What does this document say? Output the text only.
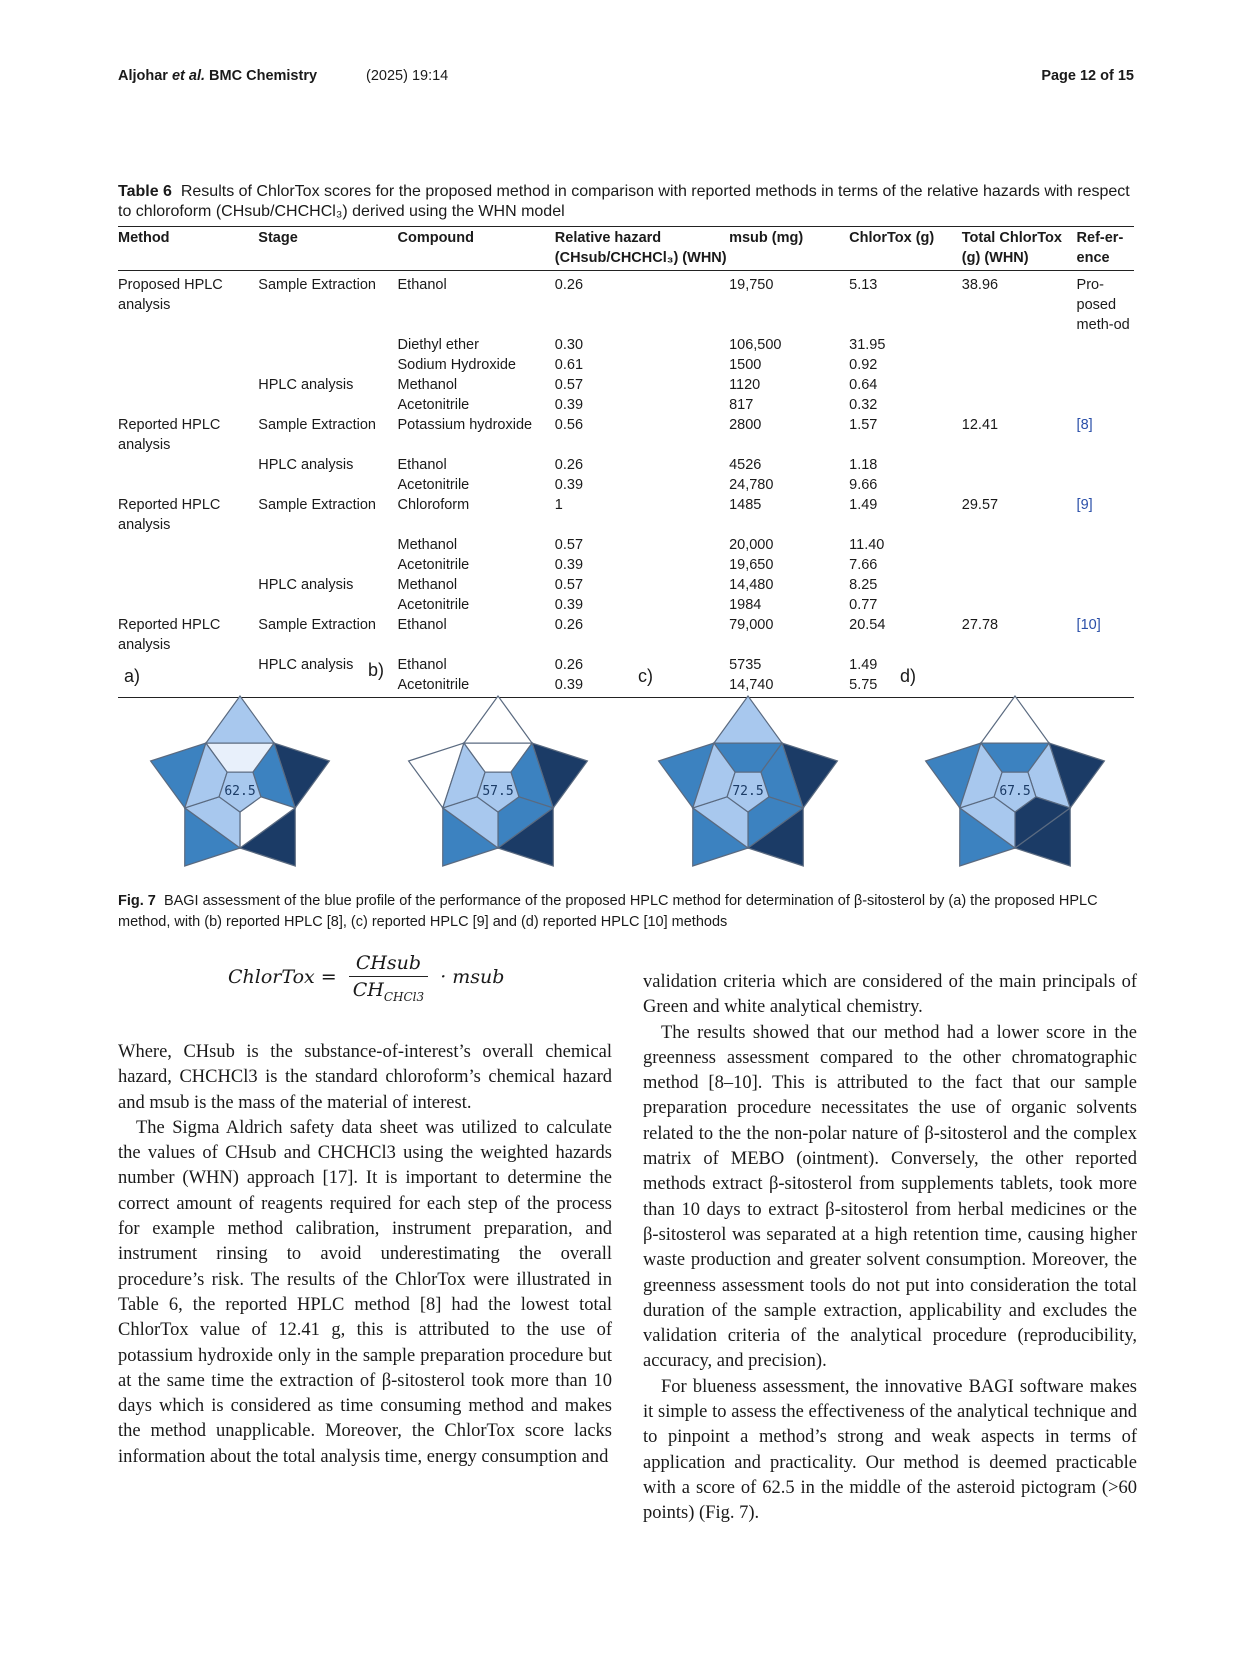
Aljohar et al. BMC Chemistry	(2025) 19:14	Page 12 of 15
Table 6 Results of ChlorTox scores for the proposed method in comparison with reported methods in terms of the relative hazards with respect to chloroform (CHsub/CHCHCl₃) derived using the WHN model
Method	Stage	Compound	Relative hazard (CHsub/CHCHCl₃) (WHN)	msub (mg)	ChlorTox (g)	Total ChlorTox (g) (WHN)	Ref-er-ence
Proposed HPLC analysis	Sample Extraction	Ethanol	0.26	19,750	5.13	38.96	Pro-posed meth-od
		Diethyl ether	0.30	106,500	31.95		
		Sodium Hydroxide	0.61	1500	0.92		
	HPLC analysis	Methanol	0.57	1120	0.64		
		Acetonitrile	0.39	817	0.32		
Reported HPLC analysis	Sample Extraction	Potassium hydroxide	0.56	2800	1.57	12.41	[8]
	HPLC analysis	Ethanol	0.26	4526	1.18		
		Acetonitrile	0.39	24,780	9.66		
Reported HPLC analysis	Sample Extraction	Chloroform	1	1485	1.49	29.57	[9]
		Methanol	0.57	20,000	11.40		
		Acetonitrile	0.39	19,650	7.66		
	HPLC analysis	Methanol	0.57	14,480	8.25		
		Acetonitrile	0.39	1984	0.77		
Reported HPLC analysis	Sample Extraction	Ethanol	0.26	79,000	20.54	27.78	[10]
	HPLC analysis	Ethanol	0.26	5735	1.49		
		Acetonitrile	0.39	14,740	5.75		
a)
62.5
b)
57.5
c)
72.5
d)
67.5
Fig. 7 BAGI assessment of the blue profile of the performance of the proposed HPLC method for determination of β-sitosterol by (a) the proposed HPLC method, with (b) reported HPLC [8], (c) reported HPLC [9] and (d) reported HPLC [10] methods
ChlorTox = $\frac{\text{CHsub}}{CH_{CHCl3}}$ · msub

Where, CHsub is the substance-of-interest’s overall chemical hazard, CHCHCl3 is the standard chloroform’s chemical hazard and msub is the mass of the material of interest.

The Sigma Aldrich safety data sheet was utilized to calculate the values of CHsub and CHCHCl3 using the weighted hazards number (WHN) approach [17]. It is important to determine the correct amount of reagents required for each step of the process for example method calibration, instrument preparation, and instrument rinsing to avoid underestimating the overall procedure’s risk. The results of the ChlorTox were illustrated in Table 6, the reported HPLC method [8] had the lowest total ChlorTox value of 12.41 g, this is attributed to the use of potassium hydroxide only in the sample preparation procedure but at the same time the extraction of β-sitosterol took more than 10 days which is considered as time consuming method and makes the method unapplicable. Moreover, the ChlorTox score lacks information about the total analysis time, energy consumption and

validation criteria which are considered of the main principals of Green and white analytical chemistry.

The results showed that our method had a lower score in the greenness assessment compared to the other chromatographic method [8–10]. This is attributed to the fact that our sample preparation procedure necessitates the use of organic solvents related to the the non-polar nature of β-sitosterol and the complex matrix of MEBO (ointment). Conversely, the other reported methods extract β-sitosterol from supplements tablets, took more than 10 days to extract β-sitosterol from herbal medicines or the β-sitosterol was separated at a high retention time, causing higher waste production and greater solvent consumption. Moreover, the greenness assessment tools do not put into consideration the total duration of the sample extraction, applicability and excludes the validation criteria of the analytical procedure (reproducibility, accuracy, and precision).

For blueness assessment, the innovative BAGI software makes it simple to assess the effectiveness of the analytical technique and to pinpoint a method’s strong and weak aspects in terms of application and practicality. Our method is deemed practicable with a score of 62.5 in the middle of the asteroid pictogram (>60 points) (Fig. 7).
